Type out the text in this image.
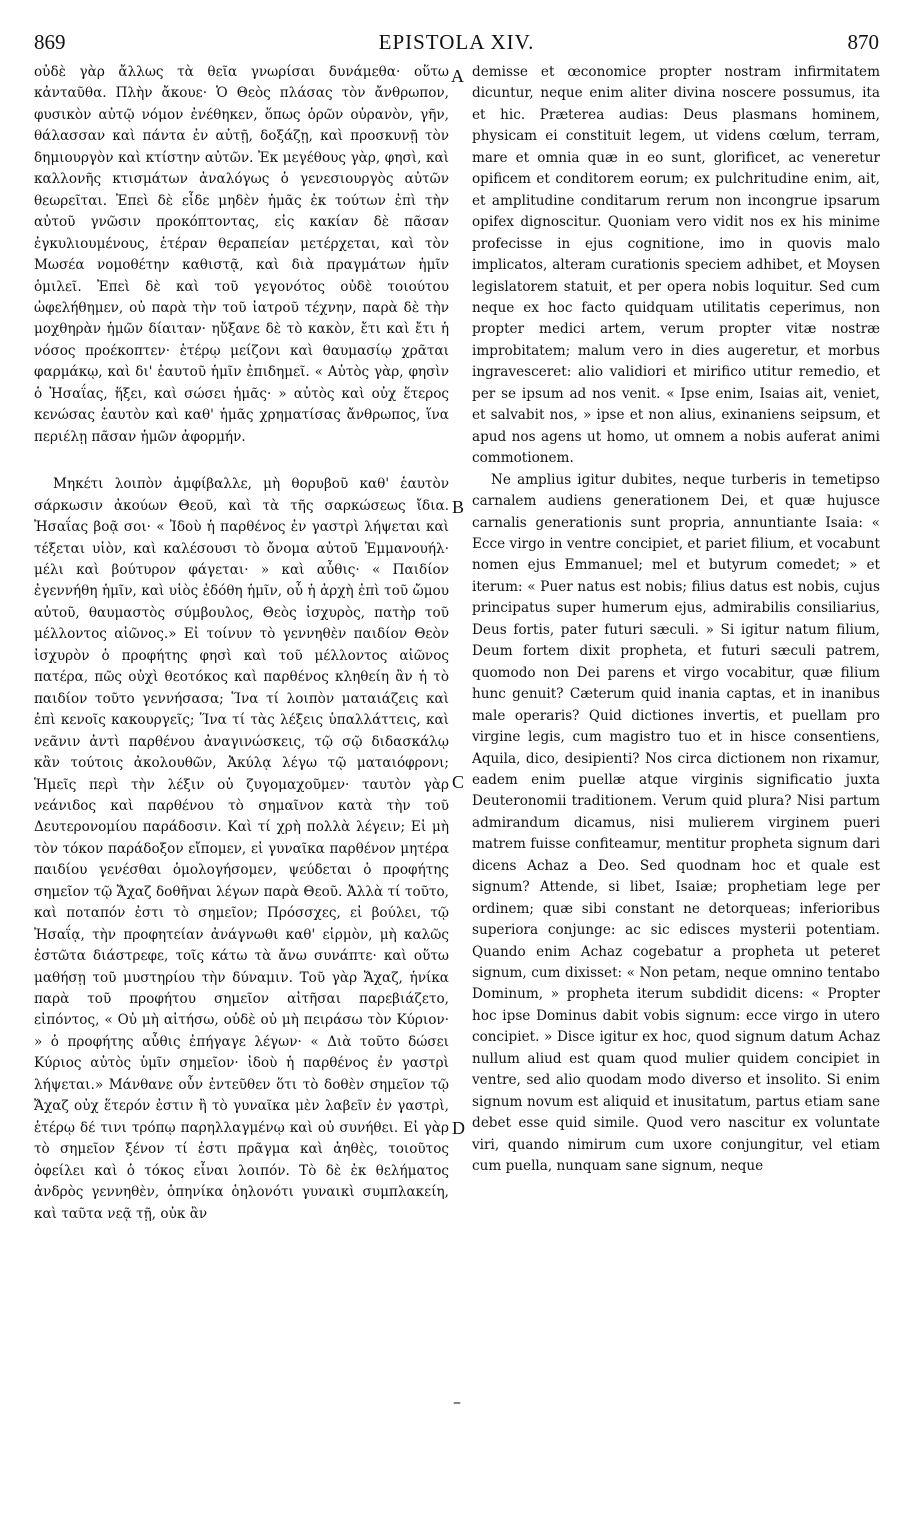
869	EPISTOLA XIV.	870

οὐδὲ γὰρ ἄλλως τὰ θεῖα γνωρίσαι δυνάμεθα· οὕτω κἀνταῦθα. Πλὴν ἄκουε· Ὁ Θεὸς πλάσας τὸν ἄνθρωπον, φυσικὸν αὐτῷ νόμον ἐνέθηκεν, ὅπως ὁρῶν οὐρανὸν, γῆν, θάλασσαν καὶ πάντα ἐν αὐτῇ, δοξάζῃ, καὶ προσκυνῇ τὸν δημιουργὸν καὶ κτίστην αὐτῶν. Ἐκ μεγέθους γὰρ, φησὶ, καὶ καλλονῆς κτισμάτων ἀναλόγως ὁ γενεσιουργὸς αὐτῶν θεωρεῖται. Ἐπεὶ δὲ εἶδε μηδὲν ἡμᾶς ἐκ τούτων ἐπὶ τὴν αὐτοῦ γνῶσιν προκόπτοντας, εἰς κακίαν δὲ πᾶσαν ἐγκυλιουμένους, ἑτέραν θεραπείαν μετέρχεται, καὶ τὸν Μωσέα νομοθέτην καθιστᾷ, καὶ διὰ πραγμάτων ἡμῖν ὁμιλεῖ. Ἐπεὶ δὲ καὶ τοῦ γεγονότος οὐδὲ τοιούτου ὠφελήθημεν, οὐ παρὰ τὴν τοῦ ἰατροῦ τέχνην, παρὰ δὲ τὴν μοχθηρὰν ἡμῶν δίαιταν· ηὔξανε δὲ τὸ κακὸν, ἔτι καὶ ἔτι ἡ νόσος προέκοπτεν· ἑτέρῳ μείζονι καὶ θαυμασίῳ χρᾶται φαρμάκῳ, καὶ δι' ἑαυτοῦ ἡμῖν ἐπιδημεῖ. « Αὐτὸς γὰρ, φησὶν ὁ Ἠσαΐας, ἥξει, καὶ σώσει ἡμᾶς· » αὐτὸς καὶ οὐχ ἕτερος κενώσας ἑαυτὸν καὶ καθ' ἡμᾶς χρηματίσας ἄνθρωπος, ἵνα περιέλῃ πᾶσαν ἡμῶν ἀφορμήν.

Μηκέτι λοιπὸν ἀμφίβαλλε, μὴ θορυβοῦ καθ' ἑαυτὸν σάρκωσιν ἀκούων Θεοῦ, καὶ τὰ τῆς σαρκώσεως ἴδια. Ἠσαΐας βοᾷ σοι· « Ἰδοὺ ἡ παρθένος ἐν γαστρὶ λήψεται καὶ τέξεται υἱὸν, καὶ καλέσουσι τὸ ὄνομα αὐτοῦ Ἐμμανουήλ· μέλι καὶ βούτυρον φάγεται· » καὶ αὖθις· « Παιδίον ἐγεννήθη ἡμῖν, καὶ υἱὸς ἐδόθη ἡμῖν, οὗ ἡ ἀρχὴ ἐπὶ τοῦ ὤμου αὐτοῦ, θαυμαστὸς σύμβουλος, Θεὸς ἰσχυρὸς, πατὴρ τοῦ μέλλοντος αἰῶνος.» Εἰ τοίνυν τὸ γεννηθὲν παιδίον Θεὸν ἰσχυρὸν ὁ προφήτης φησὶ καὶ τοῦ μέλλοντος αἰῶνος πατέρα, πῶς οὐχὶ θεοτόκος καὶ παρθένος κληθείη ἂν ἡ τὸ παιδίον τοῦτο γεννήσασα; Ἵνα τί λοιπὸν ματαιάζεις καὶ ἐπὶ κενοῖς κακουργεῖς; Ἵνα τί τὰς λέξεις ὑπαλλάττεις, καὶ νεᾶνιν ἀντὶ παρθένου ἀναγινώσκεις, τῷ σῷ διδασκάλῳ κἂν τούτοις ἀκολουθῶν, Ἀκύλᾳ λέγω τῷ ματαιόφρονι; Ἡμεῖς περὶ τὴν λέξιν οὐ ζυγομαχοῦμεν· ταυτὸν γὰρ νεάνιδος καὶ παρθένου τὸ σημαῖνον κατὰ τὴν τοῦ Δευτερονομίου παράδοσιν. Καὶ τί χρὴ πολλὰ λέγειν; Εἰ μὴ τὸν τόκον παράδοξον εἴπομεν, εἰ γυναῖκα παρθένον μητέρα παιδίου γενέσθαι ὁμολογήσομεν, ψεύδεται ὁ προφήτης σημεῖον τῷ Ἄχαζ δοθῆναι λέγων παρὰ Θεοῦ. Ἀλλὰ τί τοῦτο, καὶ ποταπόν ἐστι τὸ σημεῖον; Πρόσσχες, εἰ βούλει, τῷ Ἠσαΐᾳ, τὴν προφητείαν ἀνάγνωθι καθ' εἱρμὸν, μὴ καλῶς ἐστῶτα διάστρεφε, τοῖς κάτω τὰ ἄνω συνάπτε· καὶ οὕτω μαθήσῃ τοῦ μυστηρίου τὴν δύναμιν. Τοῦ γὰρ Ἄχαζ, ἡνίκα παρὰ τοῦ προφήτου σημεῖον αἰτῆσαι παρεβιάζετο, εἰπόντος, « Οὐ μὴ αἰτήσω, οὐδὲ οὐ μὴ πειράσω τὸν Κύριον· » ὁ προφήτης αὖθις ἐπήγαγε λέγων· « Διὰ τοῦτο δώσει Κύριος αὐτὸς ὑμῖν σημεῖον· ἰδοὺ ἡ παρθένος ἐν γαστρὶ λήψεται.» Μάνθανε οὖν ἐντεῦθεν ὅτι τὸ δοθὲν σημεῖον τῷ Ἄχαζ οὐχ ἕτερόν ἐστιν ἢ τὸ γυναῖκα μὲν λαβεῖν ἐν γαστρὶ, ἑτέρῳ δέ τινι τρόπῳ παρηλλαγμένῳ καὶ οὐ συνήθει. Εἰ γὰρ τὸ σημεῖον ξένον τί ἐστι πρᾶγμα καὶ ἀηθὲς, τοιοῦτος ὀφείλει καὶ ὁ τόκος εἶναι λοιπόν. Τὸ δὲ ἐκ θελήματος ἀνδρὸς γεννηθὲν, ὁπηνίκα ὁηλονότι γυναικὶ συμπλακείη, καὶ ταῦτα νεᾷ τῇ, οὐκ ἂν

A
B
C
D
–

demisse et œconomice propter nostram infirmitatem dicuntur, neque enim aliter divina noscere possumus, ita et hic. Præterea audias: Deus plasmans hominem, physicam ei constituit legem, ut videns cœlum, terram, mare et omnia quæ in eo sunt, glorificet, ac veneretur opificem et conditorem eorum; ex pulchritudine enim, ait, et amplitudine conditarum rerum non incongrue ipsarum opifex dignoscitur. Quoniam vero vidit nos ex his minime profecisse in ejus cognitione, imo in quovis malo implicatos, alteram curationis speciem adhibet, et Moysen legislatorem statuit, et per opera nobis loquitur. Sed cum neque ex hoc facto quidquam utilitatis ceperimus, non propter medici artem, verum propter vitæ nostræ improbitatem; malum vero in dies augeretur, et morbus ingravesceret: alio validiori et mirifico utitur remedio, et per se ipsum ad nos venit. « Ipse enim, Isaias ait, veniet, et salvabit nos, » ipse et non alius, exinaniens seipsum, et apud nos agens ut homo, ut omnem a nobis auferat animi commotionem.

Ne amplius igitur dubites, neque turberis in temetipso carnalem audiens generationem Dei, et quæ hujusce carnalis generationis sunt propria, annuntiante Isaia: « Ecce virgo in ventre concipiet, et pariet filium, et vocabunt nomen ejus Emmanuel; mel et butyrum comedet; » et iterum: « Puer natus est nobis; filius datus est nobis, cujus principatus super humerum ejus, admirabilis consiliarius, Deus fortis, pater futuri sæculi. » Si igitur natum filium, Deum fortem dixit propheta, et futuri sæculi patrem, quomodo non Dei parens et virgo vocabitur, quæ filium hunc genuit? Cæterum quid inania captas, et in inanibus male operaris? Quid dictiones invertis, et puellam pro virgine legis, cum magistro tuo et in hisce consentiens, Aquila, dico, desipienti? Nos circa dictionem non rixamur, eadem enim puellæ atque virginis significatio juxta Deuteronomii traditionem. Verum quid plura? Nisi partum admirandum dicamus, nisi mulierem virginem pueri matrem fuisse confiteamur, mentitur propheta signum dari dicens Achaz a Deo. Sed quodnam hoc et quale est signum? Attende, si libet, Isaiæ; prophetiam lege per ordinem; quæ sibi constant ne detorqueas; inferioribus superiora conjunge: ac sic edisces mysterii potentiam. Quando enim Achaz cogebatur a propheta ut peteret signum, cum dixisset: « Non petam, neque omnino tentabo Dominum, » propheta iterum subdidit dicens: « Propter hoc ipse Dominus dabit vobis signum: ecce virgo in utero concipiet. » Disce igitur ex hoc, quod signum datum Achaz nullum aliud est quam quod mulier quidem concipiet in ventre, sed alio quodam modo diverso et insolito. Si enim signum novum est aliquid et inusitatum, partus etiam sane debet esse quid simile. Quod vero nascitur ex voluntate viri, quando nimirum cum uxore conjungitur, vel etiam cum puella, nunquam sane signum, neque
